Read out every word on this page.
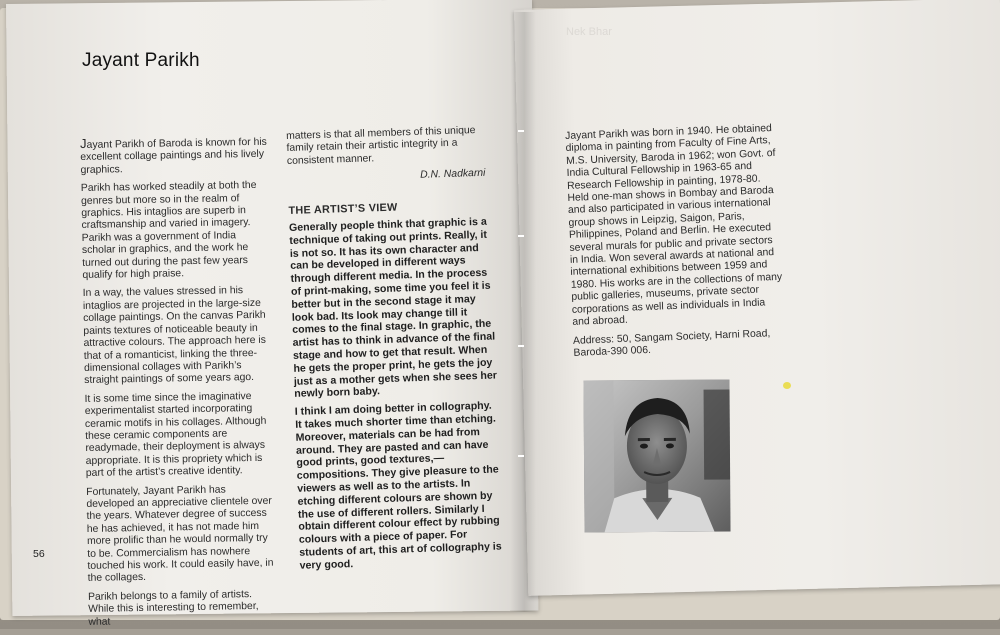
Nek Bhar
Jayant Parikh

Jayant Parikh of Baroda is known for his excellent collage paintings and his lively graphics.

Parikh has worked steadily at both the genres but more so in the realm of graphics. His intaglios are superb in craftsmanship and varied in imagery. Parikh was a government of India scholar in graphics, and the work he turned out during the past few years qualify for high praise.

In a way, the values stressed in his intaglios are projected in the large-size collage paintings. On the canvas Parikh paints textures of noticeable beauty in attractive colours. The approach here is that of a romanticist, linking the three-dimensional collages with Parikh’s straight paintings of some years ago.

It is some time since the imaginative experimentalist started incorporating ceramic motifs in his collages. Although these ceramic components are readymade, their deployment is always appropriate. It is this propriety which is part of the artist’s creative identity.

Fortunately, Jayant Parikh has developed an appreciative clientele over the years. Whatever degree of success he has achieved, it has not made him more prolific than he would normally try to be. Commercialism has nowhere touched his work. It could easily have, in the collages.

Parikh belongs to a family of artists. While this is interesting to remember, what

matters is that all members of this unique family retain their artistic integrity in a consistent manner.

D.N. Nadkarni
THE ARTIST’S VIEW

Generally people think that graphic is a technique of taking out prints. Really, it is not so. It has its own character and can be developed in different ways through different media. In the process of print-making, some time you feel it is better but in the second stage it may look bad. Its look may change till it comes to the final stage. In graphic, the artist has to think in advance of the final stage and how to get that result. When he gets the proper print, he gets the joy just as a mother gets when she sees her newly born baby.

I think I am doing better in collography. It takes much shorter time than etching. Moreover, materials can be had from around. They are pasted and can have good prints, good textures,— compositions. They give pleasure to the viewers as well as to the artists. In etching different colours are shown by the use of different rollers. Similarly I obtain different colour effect by rubbing colours with a piece of paper. For students of art, this art of collography is very good.

56

Jayant Parikh was born in 1940. He obtained diploma in painting from Faculty of Fine Arts, M.S. University, Baroda in 1962; won Govt. of India Cultural Fellowship in 1963-65 and Research Fellowship in painting, 1978-80. Held one-man shows in Bombay and Baroda and also participated in various international group shows in Leipzig, Saigon, Paris, Philippines, Poland and Berlin. He executed several murals for public and private sectors in India. Won several awards at national and international exhibitions between 1959 and 1980. His works are in the collections of many public galleries, museums, private sector corporations as well as individuals in India and abroad.

Address: 50, Sangam Society, Harni Road, Baroda-390 006.
